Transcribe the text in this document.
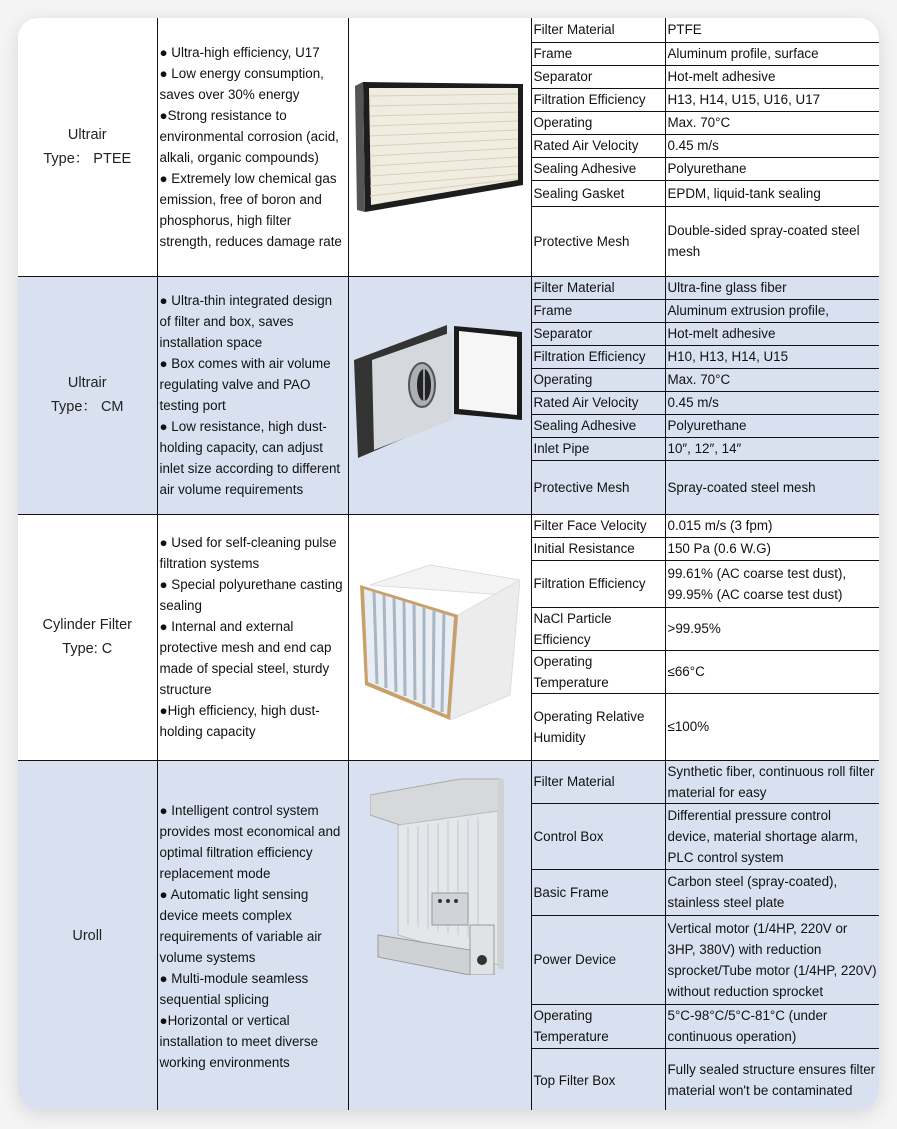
Ultrair
Type： PTEE

● Ultra-high efficiency, U17
● Low energy consumption, saves over 30% energy
●Strong resistance to environmental corrosion (acid, alkali, organic compounds)
● Extremely low chemical gas emission, free of boron and phosphorus, high filter strength, reduces damage rate

	Filter Material	PTFE
			Frame	Aluminum profile, surface
			Separator	Hot-melt adhesive
			Filtration Efficiency	H13, H14, U15, U16, U17
			Operating	Max. 70°C
			Rated Air Velocity	0.45 m/s
			Sealing Adhesive	Polyurethane
			Sealing Gasket	EPDM, liquid-tank sealing
			Protective Mesh	Double-sided spray-coated steel mesh

Ultrair
Type： CM

● Ultra-thin integrated design of filter and box, saves installation space
● Box comes with air volume regulating valve and PAO testing port
● Low resistance, high dust-holding capacity, can adjust inlet size according to different air volume requirements

	Filter Material	Ultra-fine glass fiber
			Frame	Aluminum extrusion profile,
			Separator	Hot-melt adhesive
			Filtration Efficiency	H10, H13, H14, U15
			Operating	Max. 70°C
			Rated Air Velocity	0.45 m/s
			Sealing Adhesive	Polyurethane
			Inlet Pipe	10″, 12″, 14″
			Protective Mesh	Spray-coated steel mesh

Cylinder Filter
Type: C

● Used for self-cleaning pulse filtration systems
● Special polyurethane casting sealing
● Internal and external protective mesh and end cap made of special steel, sturdy structure
●High efficiency, high dust-holding capacity

	Filter Face Velocity	0.015 m/s (3 fpm)
			Initial Resistance	150 Pa (0.6 W.G)
			Filtration Efficiency	99.61% (AC coarse test dust), 99.95% (AC coarse test dust)
			NaCl Particle Efficiency	>99.95%
			Operating Temperature	≤66°C
			Operating Relative Humidity	≤100%

Uroll	● Intelligent control system provides most economical and optimal filtration efficiency replacement mode
● Automatic light sensing device meets complex requirements of variable air volume systems
● Multi-module seamless sequential splicing
●Horizontal or vertical installation to meet diverse working environments		Filter Material	Synthetic fiber, continuous roll filter material for easy
			Control Box	Differential pressure control device, material shortage alarm, PLC control system
			Basic Frame	Carbon steel (spray-coated), stainless steel plate
			Power Device	Vertical motor (1/4HP, 220V or 3HP, 380V) with reduction sprocket/Tube motor (1/4HP, 220V) without reduction sprocket
			Operating Temperature	5°C-98°C/5°C-81°C (under continuous operation)
			Top Filter Box	Fully sealed structure ensures filter material won't be contaminated
